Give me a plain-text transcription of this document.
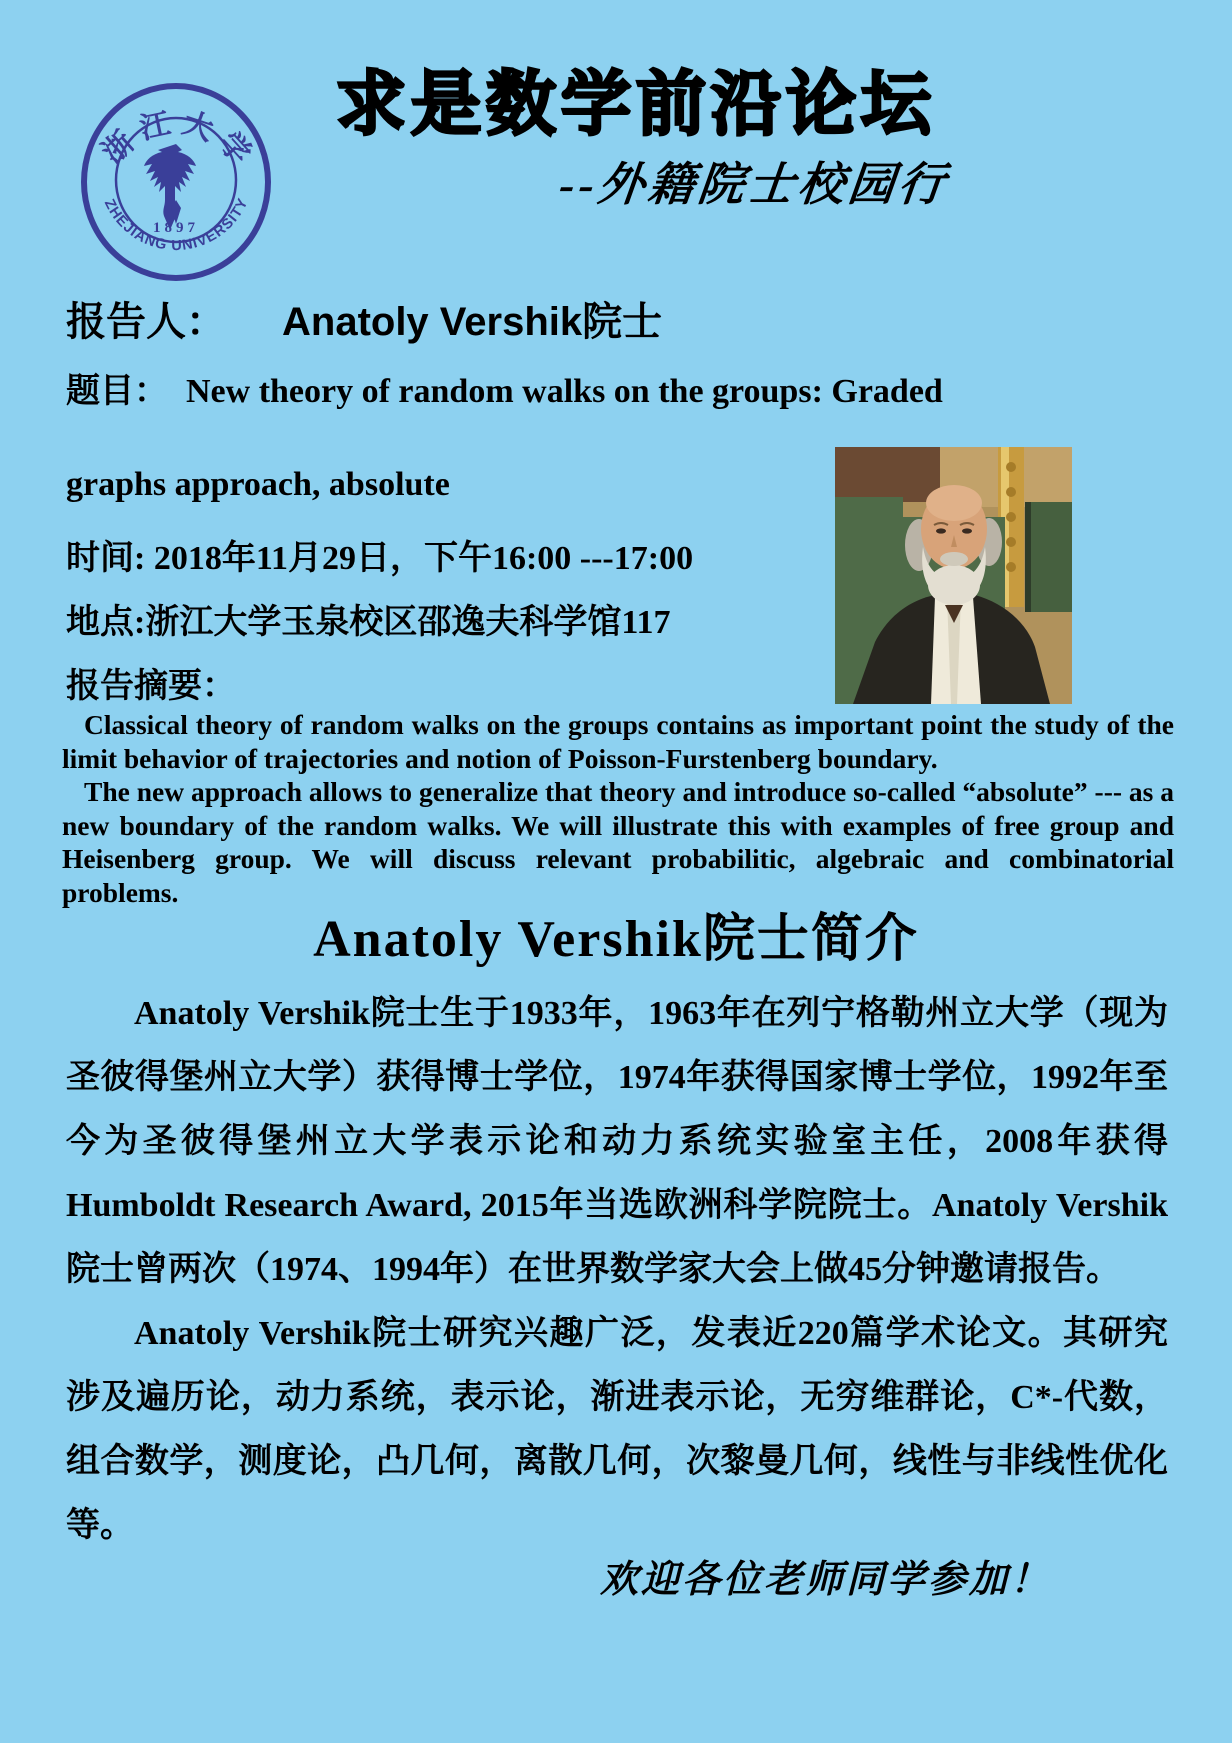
浙江大学
1897
ZHEJIANG UNIVERSITY
求是数学前沿论坛
--外籍院士校园行
报告人： Anatoly Vershik院士
题目： New theory of random walks on the groups: Graded
graphs approach, absolute
时间: 2018年11月29日，下午16:00 ---17:00
地点:浙江大学玉泉校区邵逸夫科学馆117
报告摘要：

Classical theory of random walks on the groups contains as important point the study of the limit behavior of trajectories and notion of Poisson-Furstenberg boundary.

The new approach allows to generalize that theory and introduce so-called “absolute” --- as a new boundary of the random walks. We will illustrate this with examples of free group and Heisenberg group. We will discuss relevant probabilitic, algebraic and combinatorial problems.

Anatoly Vershik院士简介

Anatoly Vershik院士生于1933年，1963年在列宁格勒州立大学（现为圣彼得堡州立大学）获得博士学位，1974年获得国家博士学位，1992年至今为圣彼得堡州立大学表示论和动力系统实验室主任，2008年获得Humboldt Research Award, 2015年当选欧洲科学院院士。Anatoly Vershik院士曾两次（1974、1994年）在世界数学家大会上做45分钟邀请报告。

Anatoly Vershik院士研究兴趣广泛，发表近220篇学术论文。其研究涉及遍历论，动力系统，表示论，渐进表示论，无穷维群论，C*-代数，组合数学，测度论，凸几何，离散几何，次黎曼几何，线性与非线性优化等。

欢迎各位老师同学参加！
